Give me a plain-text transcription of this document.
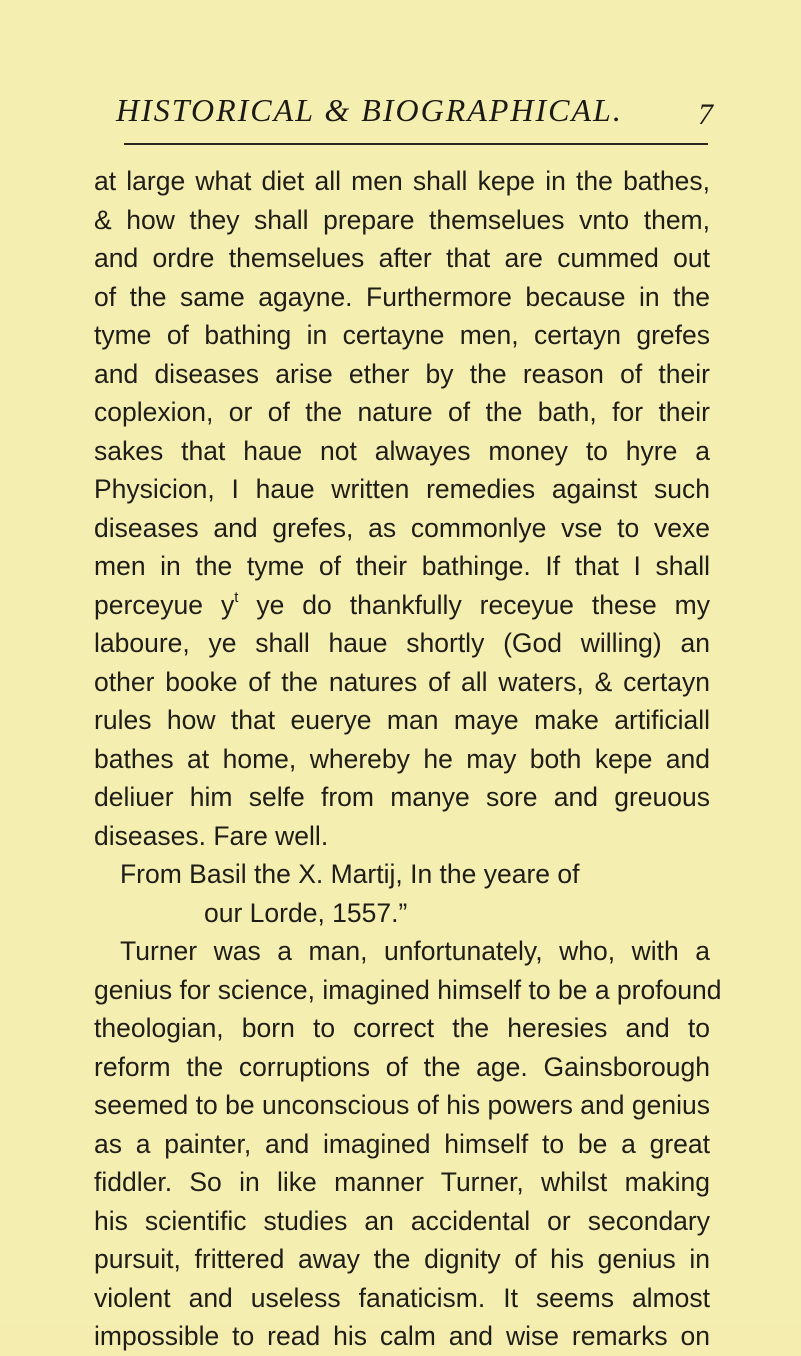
HISTORICAL & BIOGRAPHICAL.	7
at large what diet all men shall kepe in the bathes,
& how they shall prepare themselues vnto them,
and ordre themselues after that are cummed out
of the same agayne. Furthermore because in the
tyme of bathing in certayne men, certayn grefes
and diseases arise ether by the reason of their
coplexion, or of the nature of the bath, for their
sakes that haue not alwayes money to hyre a
Physicion, I haue written remedies against such
diseases and grefes, as commonlye vse to vexe
men in the tyme of their bathinge. If that I shall
perceyue $y^t$ ye do thankfully receyue these my
laboure, ye shall haue shortly (God willing) an
other booke of the natures of all waters, & certayn
rules how that euerye man maye make artificiall
bathes at home, whereby he may both kepe and
deliuer him selfe from manye sore and greuous
diseases. Fare well.
From Basil the X. Martij, In the yeare of
our Lorde, 1557.”
Turner was a man, unfortunately, who, with a
genius for science, imagined himself to be a profound
theologian, born to correct the heresies and to
reform the corruptions of the age. Gainsborough
seemed to be unconscious of his powers and genius
as a painter, and imagined himself to be a great
fiddler. So in like manner Turner, whilst making
his scientific studies an accidental or secondary
pursuit, frittered away the dignity of his genius in
violent and useless fanaticism. It seems almost
impossible to read his calm and wise remarks on
